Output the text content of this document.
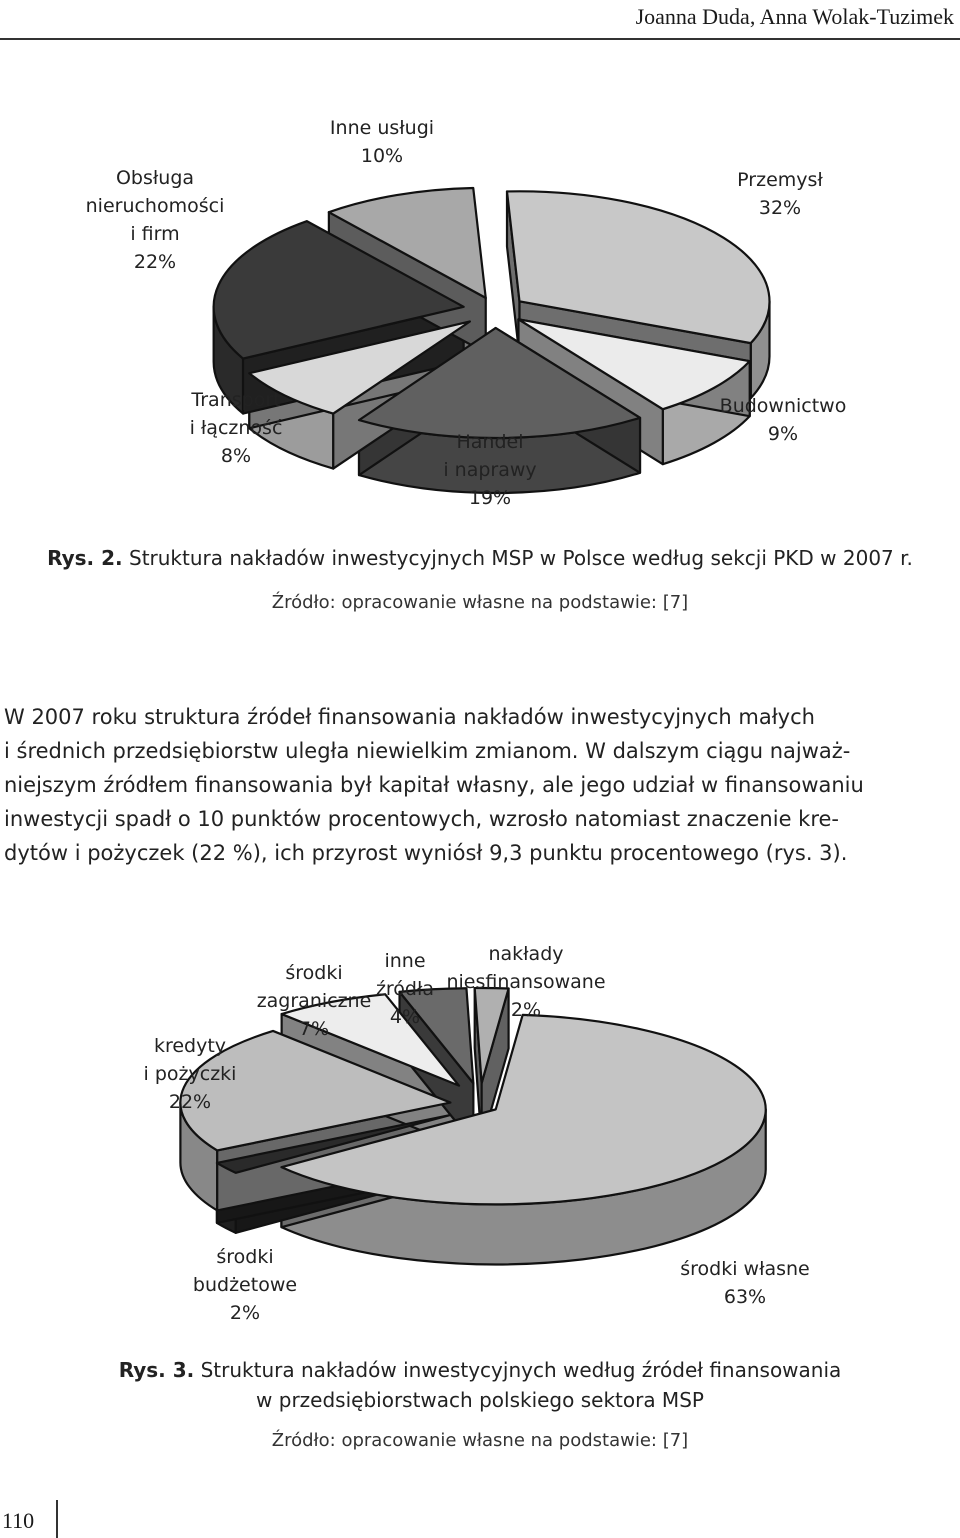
Joanna Duda, Anna Wolak-Tuzimek
Przemysł 32%
Budownictwo 9%
Handel i naprawy 19%
Transport i łączność 8%
Obsługa nieruchomości i firm 22%
Inne usługi 10%
Rys. 2. Struktura nakładów inwestycyjnych MSP w Polsce według sekcji PKD w 2007 r.
Źródło: opracowanie własne na podstawie: [7]
W 2007 roku struktura źródeł finansowania nakładów inwestycyjnych małych
i średnich przedsiębiorstw uległa niewielkim zmianom. W dalszym ciągu najważ-
niejszym źródłem finansowania był kapitał własny, ale jego udział w finansowaniu
inwestycji spadł o 10 punktów procentowych, wzrosło natomiast znaczenie kre-
dytów i pożyczek (22 %), ich przyrost wyniósł 9,3 punktu procentowego (rys. 3).
środki własne 63%
środki budżetowe 2%
kredyty i pożyczki 22%
środki zagraniczne 7%
inne źródła 4%
nakłady niesfinansowane 2%
Rys. 3. Struktura nakładów inwestycyjnych według źródeł finansowania
w przedsiębiorstwach polskiego sektora MSP
Źródło: opracowanie własne na podstawie: [7]
110
